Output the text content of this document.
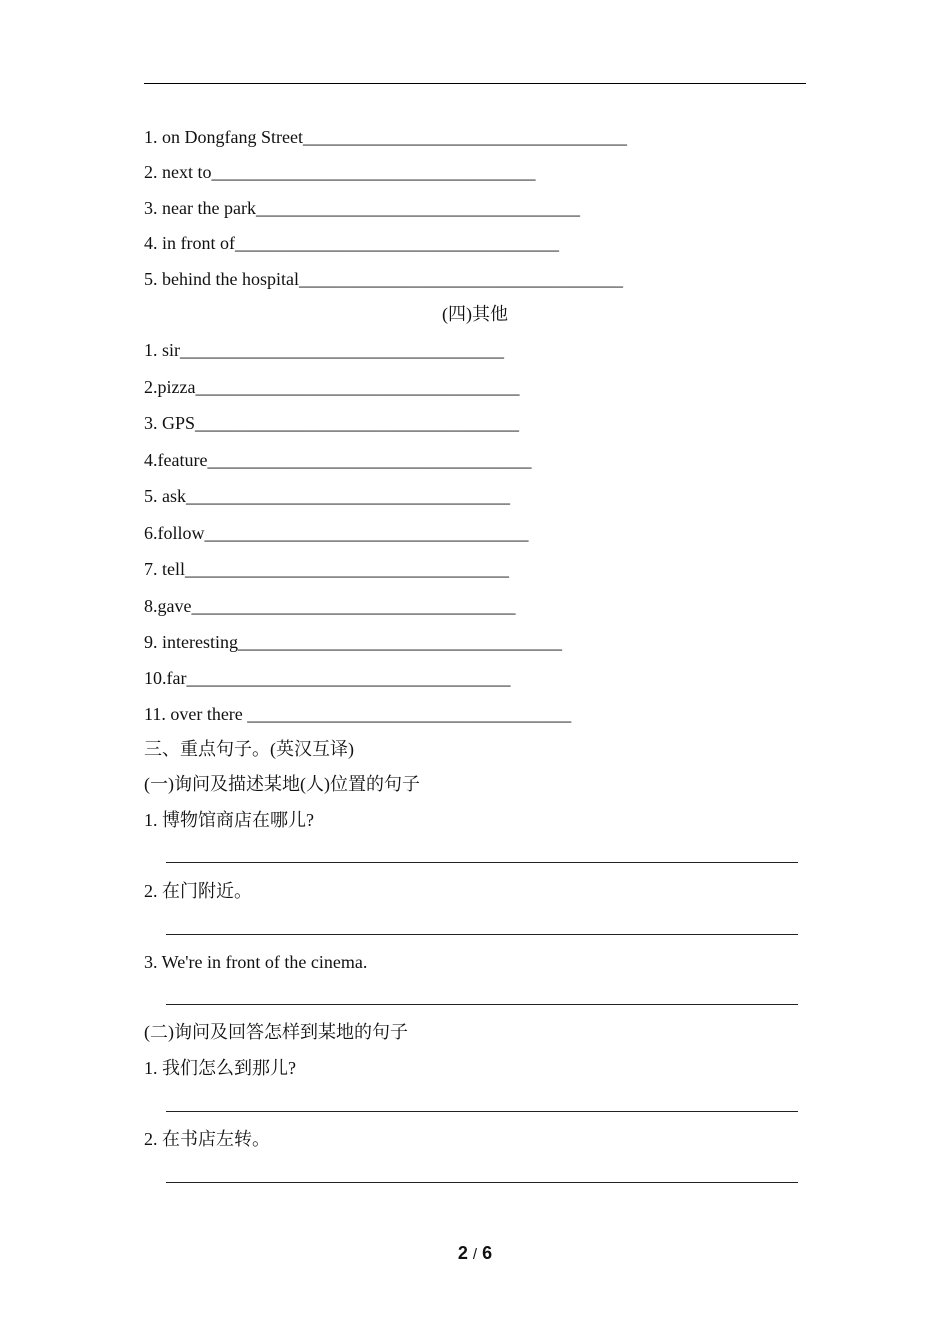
1. on Dongfang Street____________________________________
2. next to____________________________________
3. near the park____________________________________
4. in front of____________________________________
5. behind the hospital____________________________________
(四)其他
1. sir____________________________________
2.pizza____________________________________
3. GPS____________________________________
4.feature____________________________________
5. ask____________________________________
6.follow____________________________________
7. tell____________________________________
8.gave____________________________________
9. interesting____________________________________
10.far____________________________________
11. over there ____________________________________
三、重点句子。(英汉互译)
(一)询问及描述某地(人)位置的句子
1. 博物馆商店在哪儿?
2. 在门附近。
3. We're in front of the cinema.
(二)询问及回答怎样到某地的句子
1. 我们怎么到那儿?
2. 在书店左转。
2 / 6
